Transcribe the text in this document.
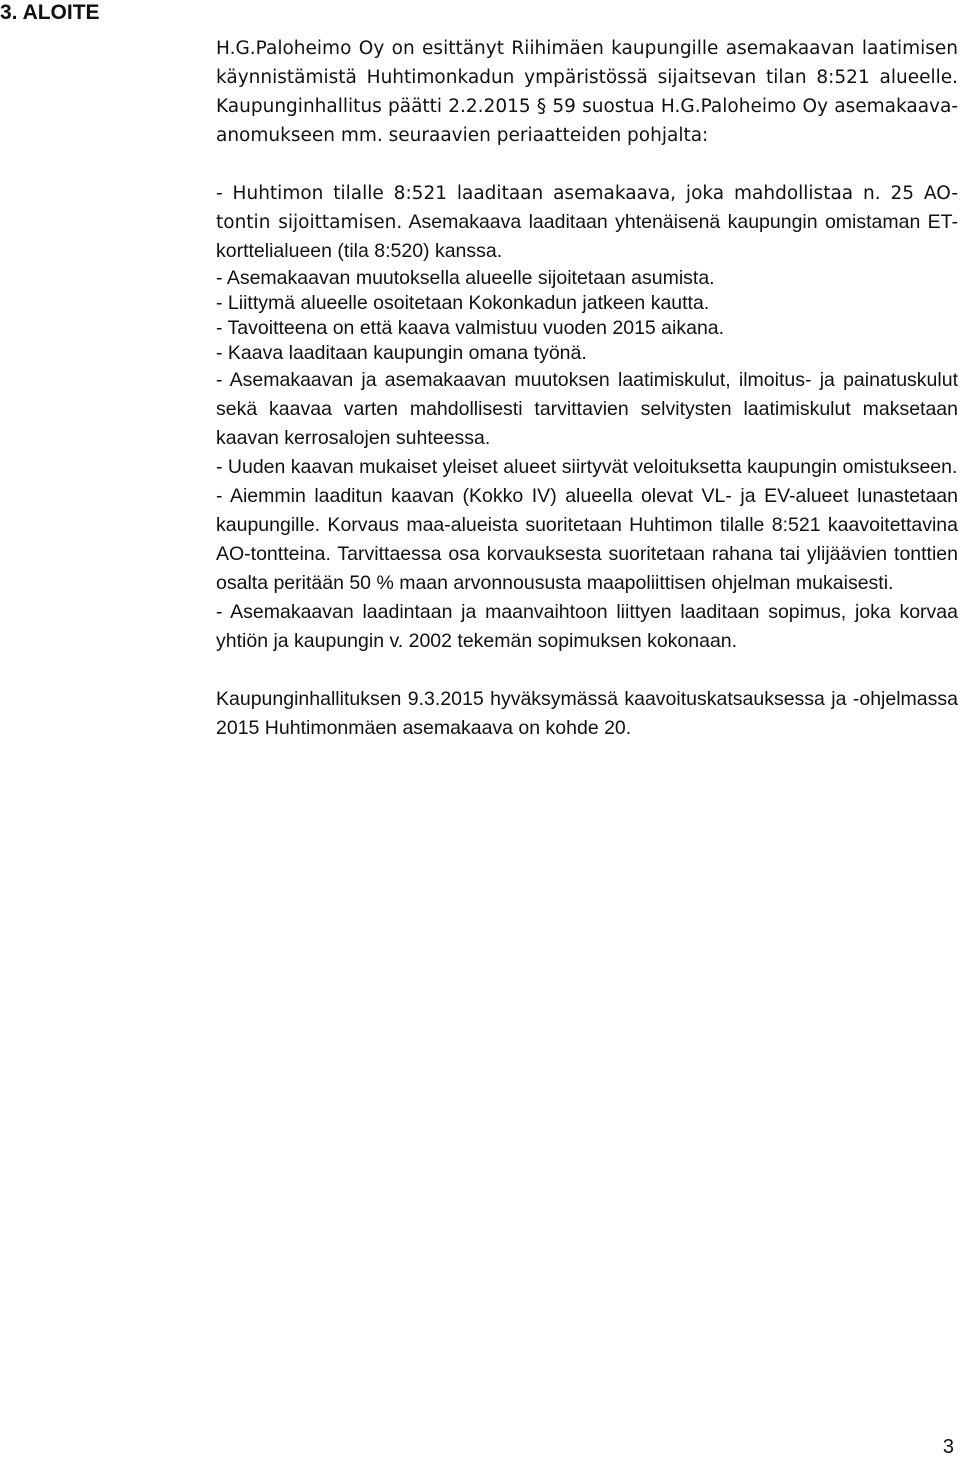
3. ALOITE

H.G.Paloheimo Oy on esittänyt Riihimäen kaupungille asemakaavan laatimisen käynnistämistä Huhtimonkadun ympäristössä sijaitsevan tilan 8:521 alueelle. Kaupunginhallitus päätti 2.2.2015 § 59 suostua H.G.Paloheimo Oy asemakaava-anomukseen mm. seuraavien periaatteiden pohjalta:

- Huhtimon tilalle 8:521 laaditaan asemakaava, joka mahdollistaa n. 25 AO-tontin sijoittamisen. Asemakaava laaditaan yhtenäisenä kaupungin omistaman ET-korttelialueen (tila 8:520) kanssa.
- Asemakaavan muutoksella alueelle sijoitetaan asumista.
- Liittymä alueelle osoitetaan Kokonkadun jatkeen kautta.
- Tavoitteena on että kaava valmistuu vuoden 2015 aikana.
- Kaava laaditaan kaupungin omana työnä.
- Asemakaavan ja asemakaavan muutoksen laatimiskulut, ilmoitus- ja painatuskulut sekä kaavaa varten mahdollisesti tarvittavien selvitysten laatimiskulut maksetaan kaavan kerrosalojen suhteessa.
- Uuden kaavan mukaiset yleiset alueet siirtyvät veloituksetta kaupungin omistukseen.
- Aiemmin laaditun kaavan (Kokko IV) alueella olevat VL- ja EV-alueet lunastetaan kaupungille. Korvaus maa-alueista suoritetaan Huhtimon tilalle 8:521 kaavoitettavina AO-tontteina. Tarvittaessa osa korvauksesta suoritetaan rahana tai ylijäävien tonttien osalta peritään 50 % maan arvonnousustа maapoliittisen ohjelman mukaisesti.
- Asemakaavan laadintaan ja maanvaihtoon liittyen laaditaan sopimus, joka korvaa yhtiön ja kaupungin v. 2002 tekemän sopimuksen kokonaan.

Kaupunginhallituksen 9.3.2015 hyväksymässä kaavoituskatsauksessa ja -ohjelmassa 2015 Huhtimonmäen asemakaava on kohde 20.

3
